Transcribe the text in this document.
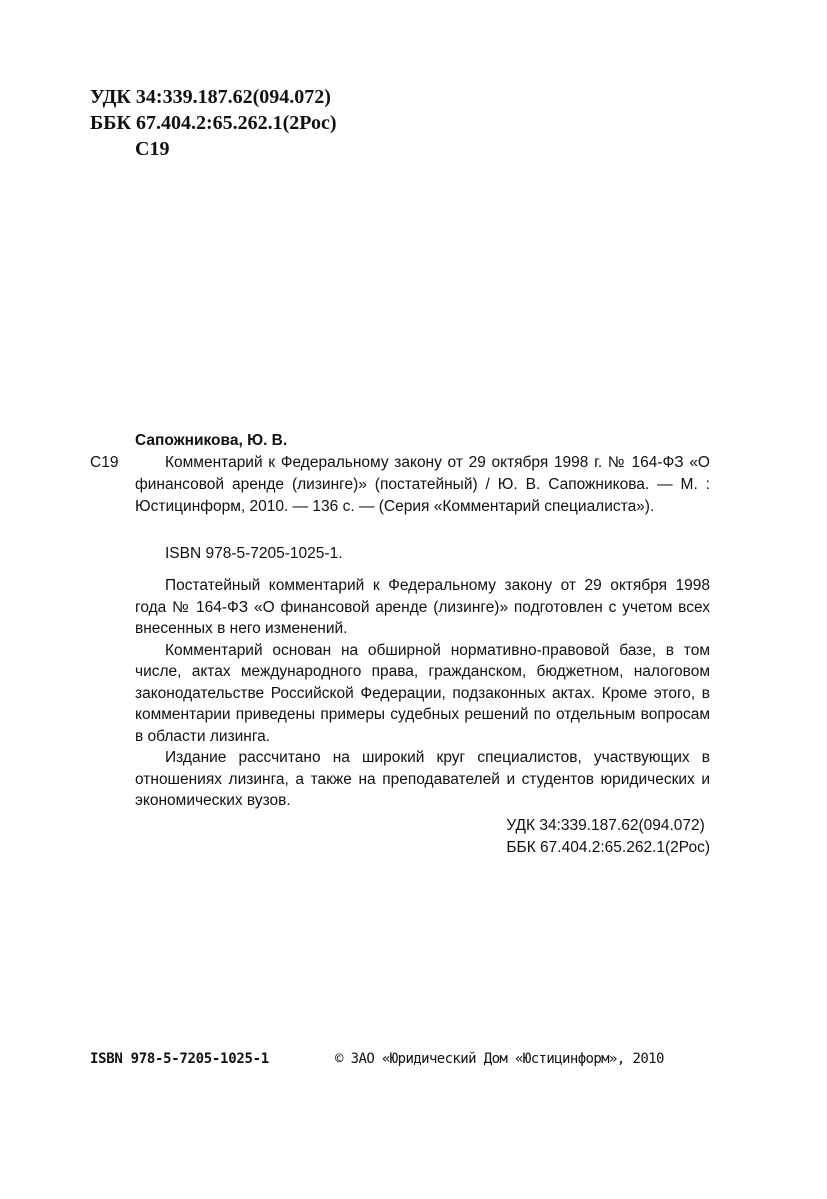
УДК 34:339.187.62(094.072)
ББК 67.404.2:65.262.1(2Рос)
С19
Сапожникова, Ю. В.
С19	Комментарий к Федеральному закону от 29 октября 1998 г. № 164-ФЗ «О финансовой аренде (лизинге)» (постатейный) / Ю. В. Сапожникова. — М. : Юстицинформ, 2010. — 136 с. — (Серия «Комментарий специалиста»).

ISBN 978-5-7205-1025-1.

Постатейный комментарий к Федеральному закону от 29 октября 1998 года № 164-ФЗ «О финансовой аренде (лизинге)» подготовлен с учетом всех внесенных в него изменений.

Комментарий основан на обширной нормативно-правовой базе, в том числе, актах международного права, гражданском, бюджетном, налоговом законодательстве Российской Федерации, подзаконных актах. Кроме этого, в комментарии приведены примеры судебных решений по отдельным вопросам в области лизинга.

Издание рассчитано на широкий круг специалистов, участвующих в отношениях лизинга, а также на преподавателей и студентов юридических и экономических вузов.

УДК 34:339.187.62(094.072)
ББК 67.404.2:65.262.1(2Рос)
ISBN 978-5-7205-1025-1	© ЗАО «Юридический Дом «Юстицинформ», 2010
